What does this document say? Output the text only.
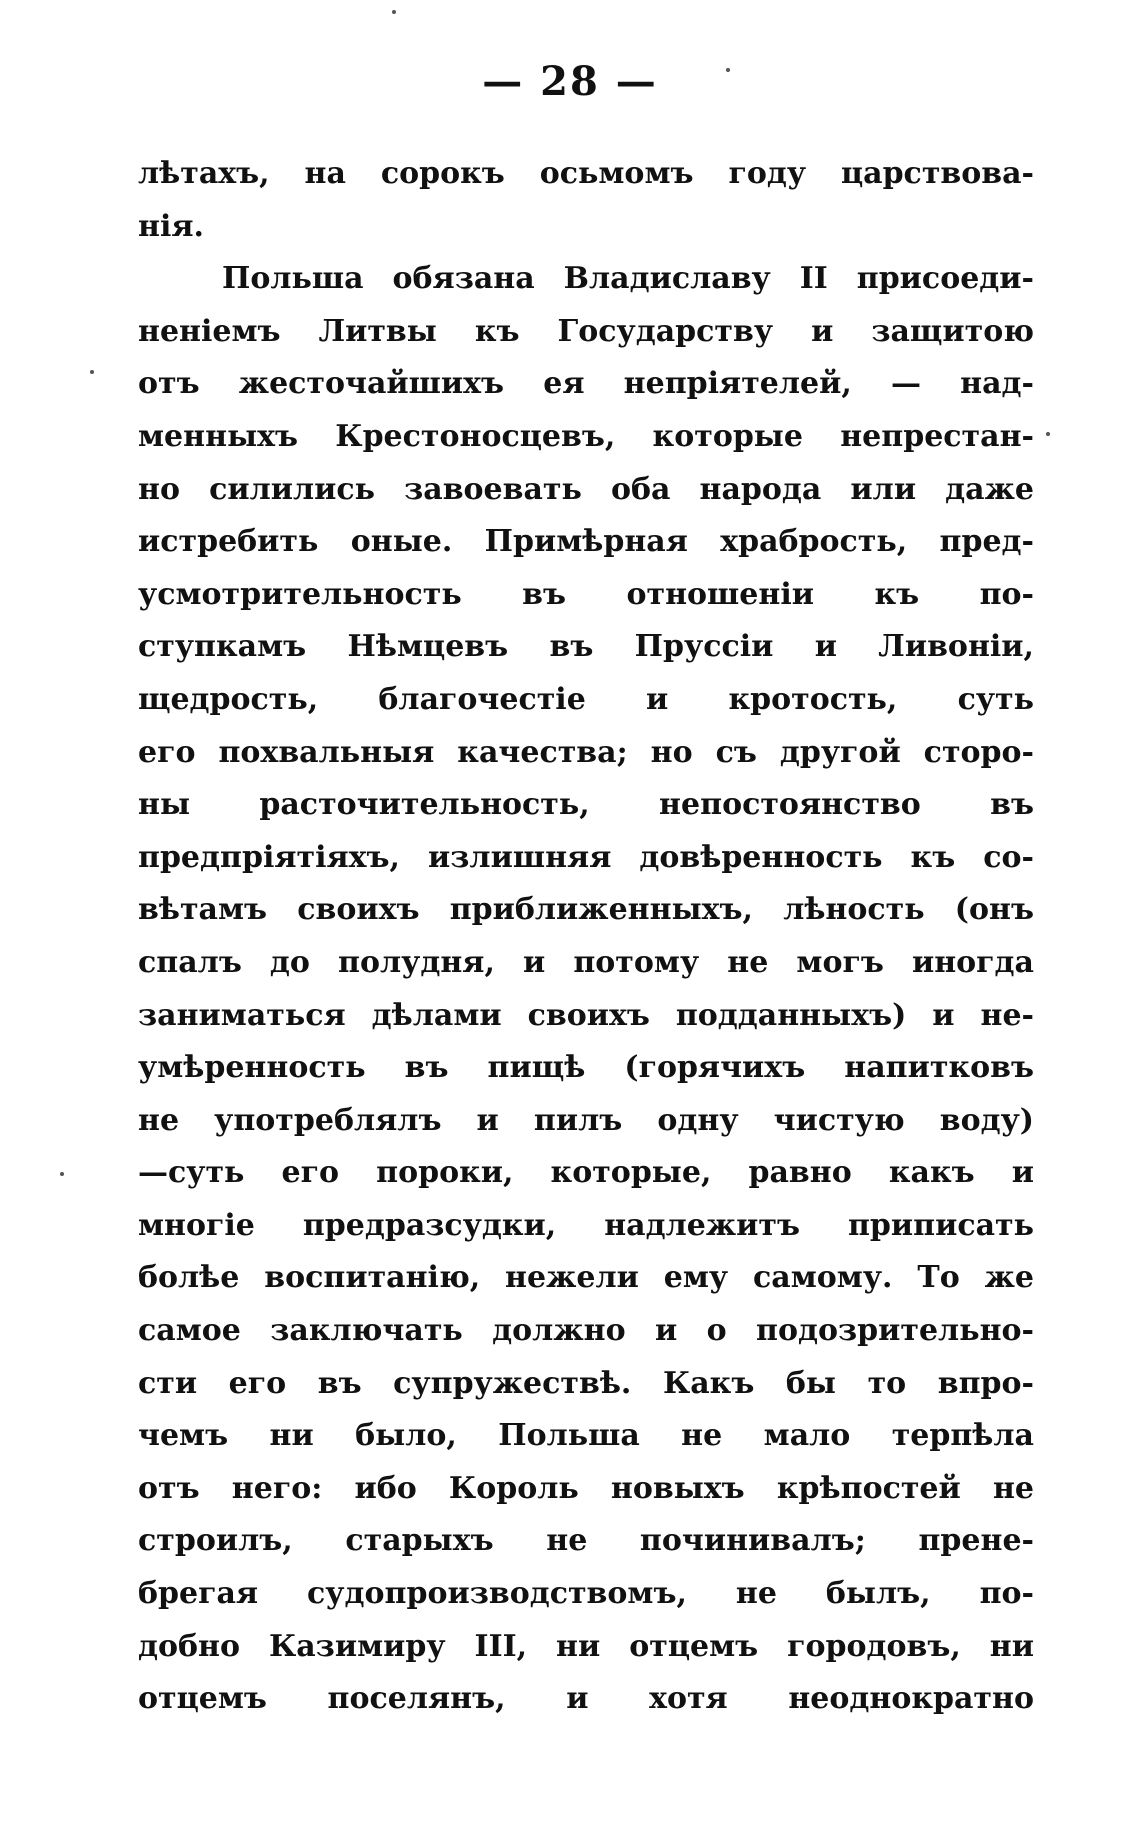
— 28 —
лѣтахъ, на сорокъ осьмомъ году царствова-
нія.
Польша обязана Владиславу II присоеди-
неніемъ Литвы къ Государству и защитою
отъ жесточайшихъ ея непріятелей, — над-
менныхъ Крестоносцевъ, которые непрестан-
но силились завоевать оба народа или даже
истребить оные. Примѣрная храбрость, пред-
усмотрительность въ отношеніи къ по-
ступкамъ Нѣмцевъ въ Пруссіи и Ливоніи,
щедрость, благочестіе и кротость, суть
его похвальныя качества; но съ другой сторо-
ны расточительность, непостоянство въ
предпріятіяхъ, излишняя довѣренность къ со-
вѣтамъ своихъ приближенныхъ, лѣность (онъ
спалъ до полудня, и потому не могъ иногда
заниматься дѣлами своихъ подданныхъ) и не-
умѣренность въ пищѣ (горячихъ напитковъ
не употреблялъ и пилъ одну чистую воду)
—суть его пороки, которые, равно какъ и
многіе предразсудки, надлежитъ приписать
болѣе воспитанію, нежели ему самому. То же
самое заключать должно и о подозрительно-
сти его въ супружествѣ. Какъ бы то впро-
чемъ ни было, Польша не мало терпѣла
отъ него: ибо Король новыхъ крѣпостей не
строилъ, старыхъ не починивалъ; прене-
брегая судопроизводствомъ, не былъ, по-
добно Казимиру III, ни отцемъ городовъ, ни
отцемъ поселянъ, и хотя неоднократно
